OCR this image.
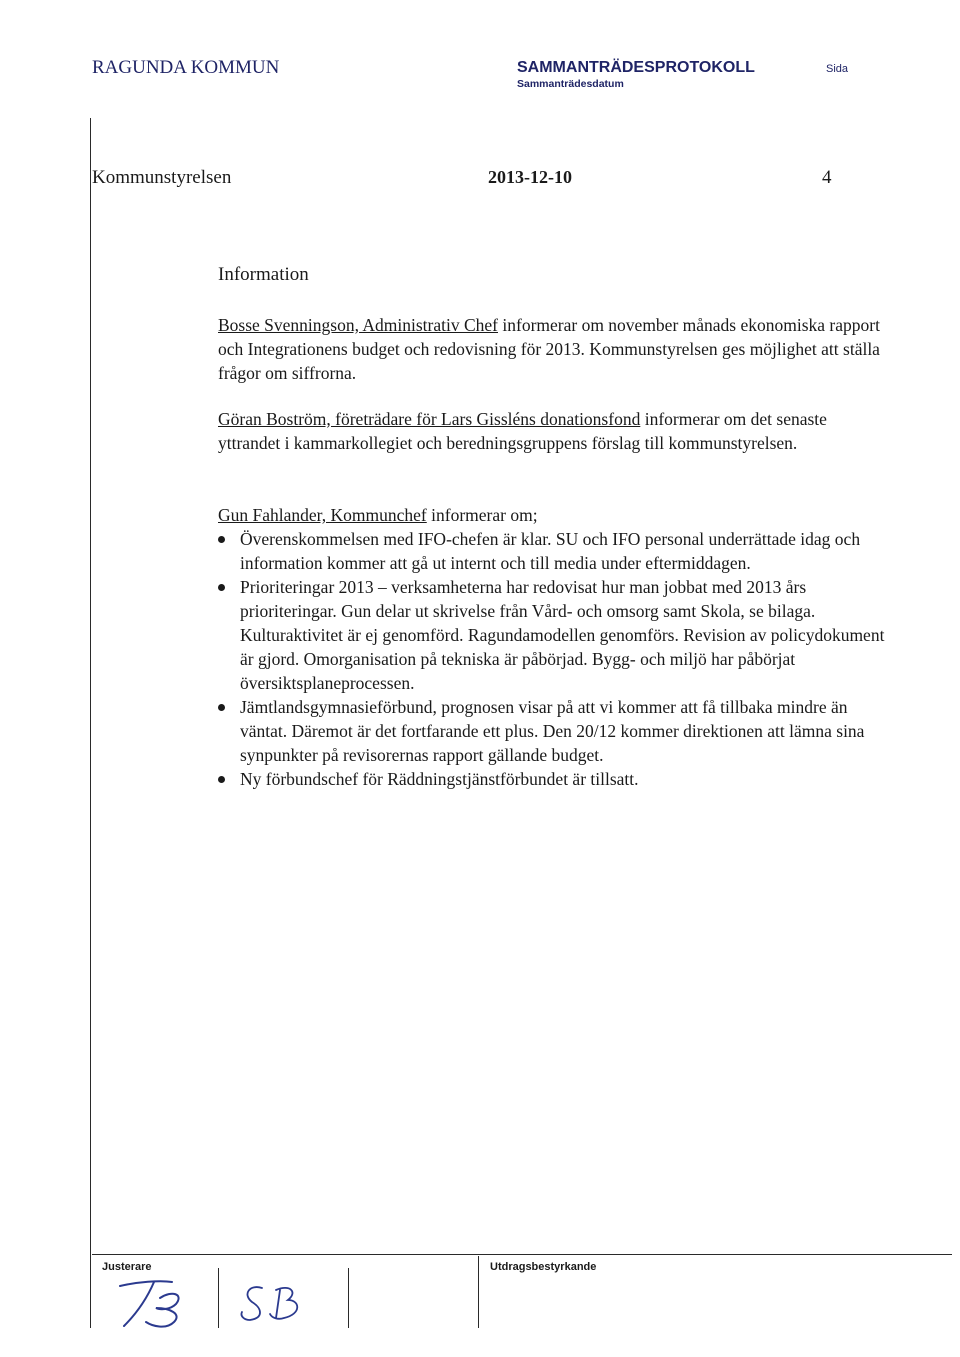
RAGUNDA KOMMUN	SAMMANTRÄDESPROTOKOLL
Sammanträdesdatum
Sida
Kommunstyrelsen	2013-12-10	4
Information

Bosse Svenningson, Administrativ Chef informerar om november månads ekonomiska rapport och Integrationens budget och redovisning för 2013. Kommunstyrelsen ges möjlighet att ställa frågor om siffrorna.

Göran Boström, företrädare för Lars Gissléns donationsfond informerar om det senaste yttrandet i kammarkollegiet och beredningsgruppens förslag till kommunstyrelsen.

Gun Fahlander, Kommunchef informerar om;

Överenskommelsen med IFO-chefen är klar. SU och IFO personal underrättade idag och information kommer att gå ut internt och till media under eftermiddagen.
Prioriteringar 2013 – verksamheterna har redovisat hur man jobbat med 2013 års prioriteringar. Gun delar ut skrivelse från Vård- och omsorg samt Skola, se bilaga. Kulturaktivitet är ej genomförd. Ragundamodellen genomförs. Revision av policydokument är gjord. Omorganisation på tekniska är påbörjad. Bygg- och miljö har påbörjat översiktsplaneprocessen.
Jämtlandsgymnasieförbund, prognosen visar på att vi kommer att få tillbaka mindre än väntat. Däremot är det fortfarande ett plus. Den 20/12 kommer direktionen att lämna sina synpunkter på revisorernas rapport gällande budget.
Ny förbundschef för Räddningstjänstförbundet är tillsatt.
Justerare	Utdragsbestyrkande
